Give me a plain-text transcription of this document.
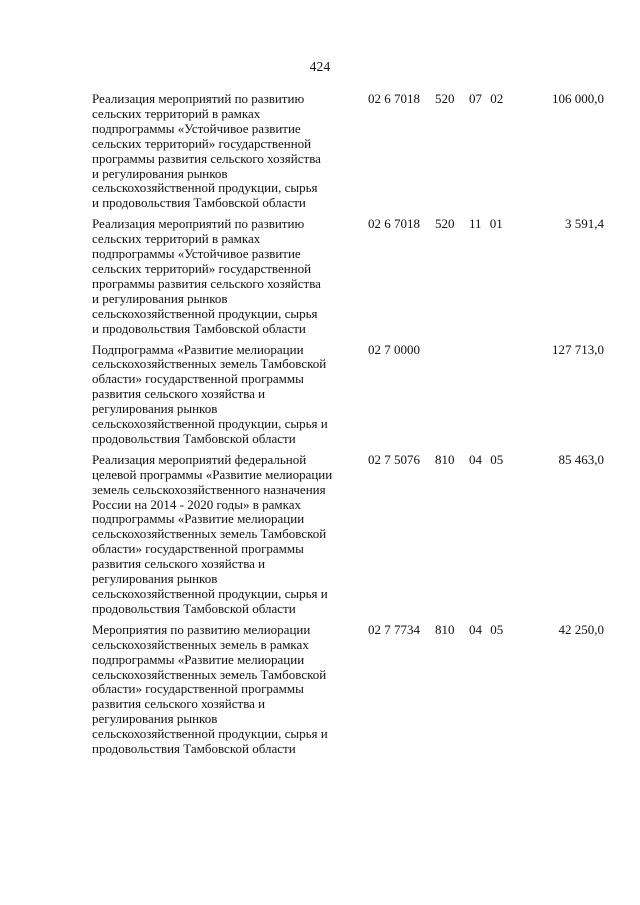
424
Реализация мероприятий по развитию
сельских территорий в рамках
подпрограммы «Устойчивое развитие
сельских территорий» государственной
программы развития сельского хозяйства
и регулирования рынков
сельскохозяйственной продукции, сырья
и продовольствия Тамбовской области
02 6 7018 520 07 02	106 000,0
Реализация мероприятий по развитию
сельских территорий в рамках
подпрограммы «Устойчивое развитие
сельских территорий» государственной
программы развития сельского хозяйства
и регулирования рынков
сельскохозяйственной продукции, сырья
и продовольствия Тамбовской области
02 6 7018 520 11 01	3 591,4
Подпрограмма «Развитие мелиорации
сельскохозяйственных земель Тамбовской
области» государственной программы
развития сельского хозяйства и
регулирования рынков
сельскохозяйственной продукции, сырья и
продовольствия Тамбовской области
02 7 0000	127 713,0
Реализация мероприятий федеральной
целевой программы «Развитие мелиорации
земель сельскохозяйственного назначения
России на 2014 - 2020 годы» в рамках
подпрограммы «Развитие мелиорации
сельскохозяйственных земель Тамбовской
области» государственной программы
развития сельского хозяйства и
регулирования рынков
сельскохозяйственной продукции, сырья и
продовольствия Тамбовской области
02 7 5076 810 04 05	85 463,0
Мероприятия по развитию мелиорации
сельскохозяйственных земель в рамках
подпрограммы «Развитие мелиорации
сельскохозяйственных земель Тамбовской
области» государственной программы
развития сельского хозяйства и
регулирования рынков
сельскохозяйственной продукции, сырья и
продовольствия Тамбовской области
02 7 7734 810 04 05	42 250,0
